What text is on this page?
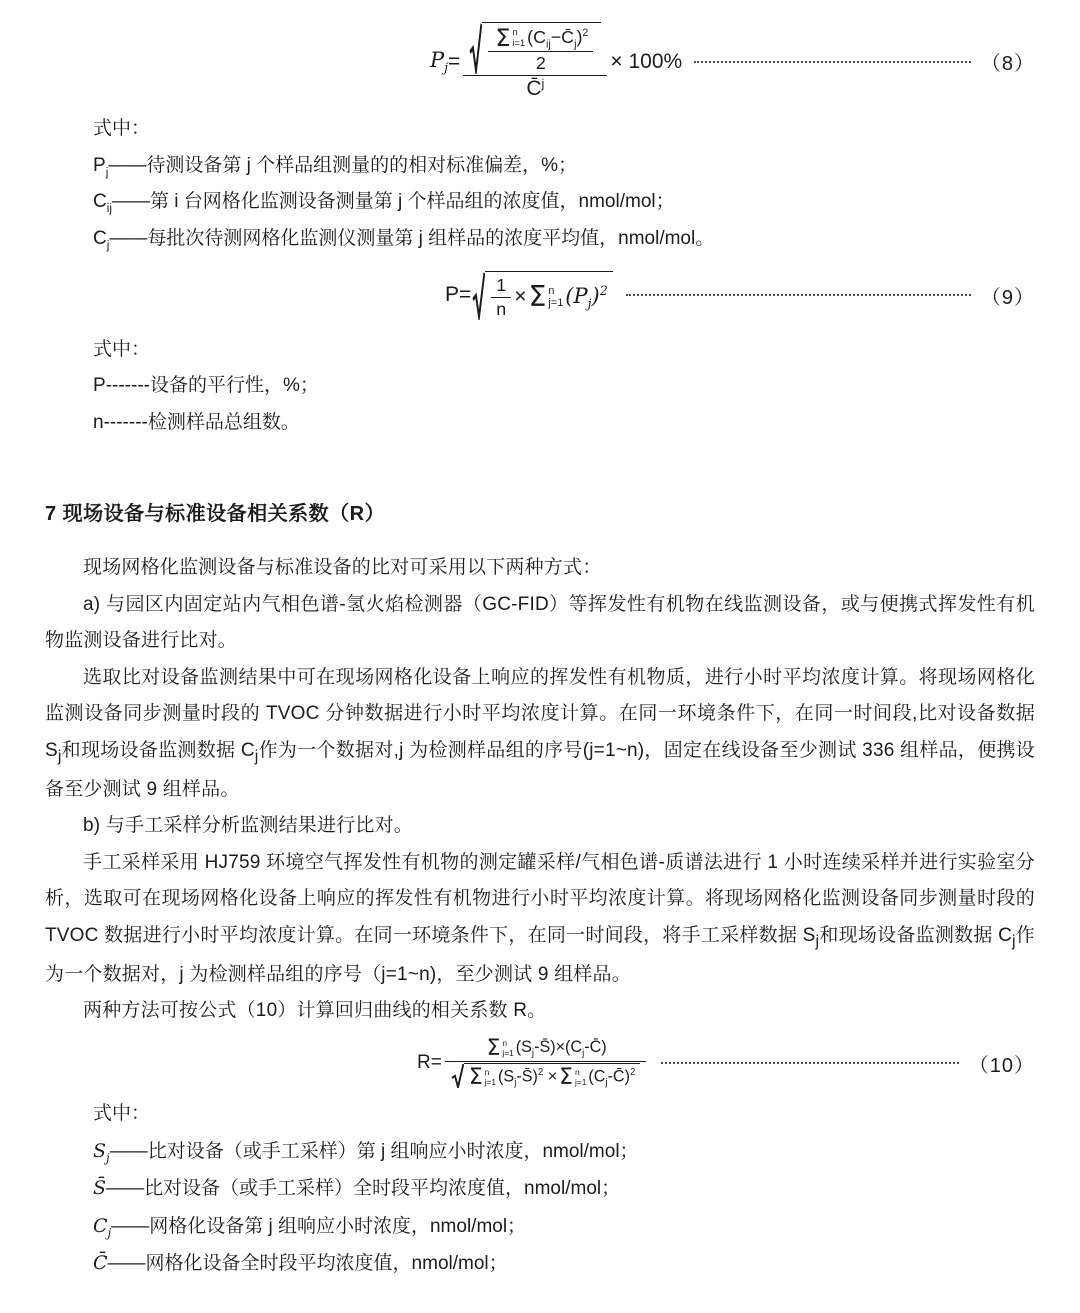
$P_j$ =
Σ n
i=1 $(C_{ij}-C̄_j)^2$
2
C̄ j
×
100%	（8）
式中：
$P_j——$待测设备第 j 个样品组测量的的相对标准偏差，%；
$C_{ij}——$第 i 台网格化监测设备测量第 j 个样品组的浓度值，nmol/mol；
$C_j——$每批次待测网格化监测仪测量第 j 组样品的浓度平均值，nmol/mol。
$P = \frac{1}{n} \times \Sigma$ n
j=1 $(P_j)^2$	（9）
式中：
P-------设备的平行性，%；
n-------检测样品总组数。
7 现场设备与标准设备相关系数（R）

现场网格化监测设备与标准设备的比对可采用以下两种方式：

a) 与园区内固定站内气相色谱-氢火焰检测器（GC-FID）等挥发性有机物在线监测设备，或与便携式挥发性有机物监测设备进行比对。

选取比对设备监测结果中可在现场网格化设备上响应的挥发性有机物质，进行小时平均浓度计算。将现场网格化监测设备同步测量时段的 TVOC 分钟数据进行小时平均浓度计算。在同一环境条件下，在同一时间段,比对设备数据 $S_j$和现场设备监测数据 $C_j$作为一个数据对,j 为检测样品组的序号(j=1~n)，固定在线设备至少测试 336 组样品，便携设备至少测试 9 组样品。

b) 与手工采样分析监测结果进行比对。

手工采样采用 HJ759 环境空气挥发性有机物的测定罐采样/气相色谱-质谱法进行 1 小时连续采样并进行实验室分析，选取可在现场网格化设备上响应的挥发性有机物进行小时平均浓度计算。将现场网格化监测设备同步测量时段的 TVOC 数据进行小时平均浓度计算。在同一环境条件下，在同一时间段，将手工采样数据 $S_j$和现场设备监测数据 $C_j$作为一个数据对，j 为检测样品组的序号（j=1~n)，至少测试 9 组样品。

两种方法可按公式（10）计算回归曲线的相关系数 R。

R =
Σ n
j=1 $(S_j-S̄)\times(C_j-C̄)$
Σ n
j=1 $(S_j-S̄)^2 \times \Sigma$ n
j=1 $(C_j-C̄)^2$	（10）
式中：
$S_j——$比对设备（或手工采样）第 j 组响应小时浓度，nmol/mol；
S̄——比对设备（或手工采样）全时段平均浓度值，nmol/mol；
$C_j——$网格化设备第 j 组响应小时浓度，nmol/mol；
C̄——网格化设备全时段平均浓度值，nmol/mol；
